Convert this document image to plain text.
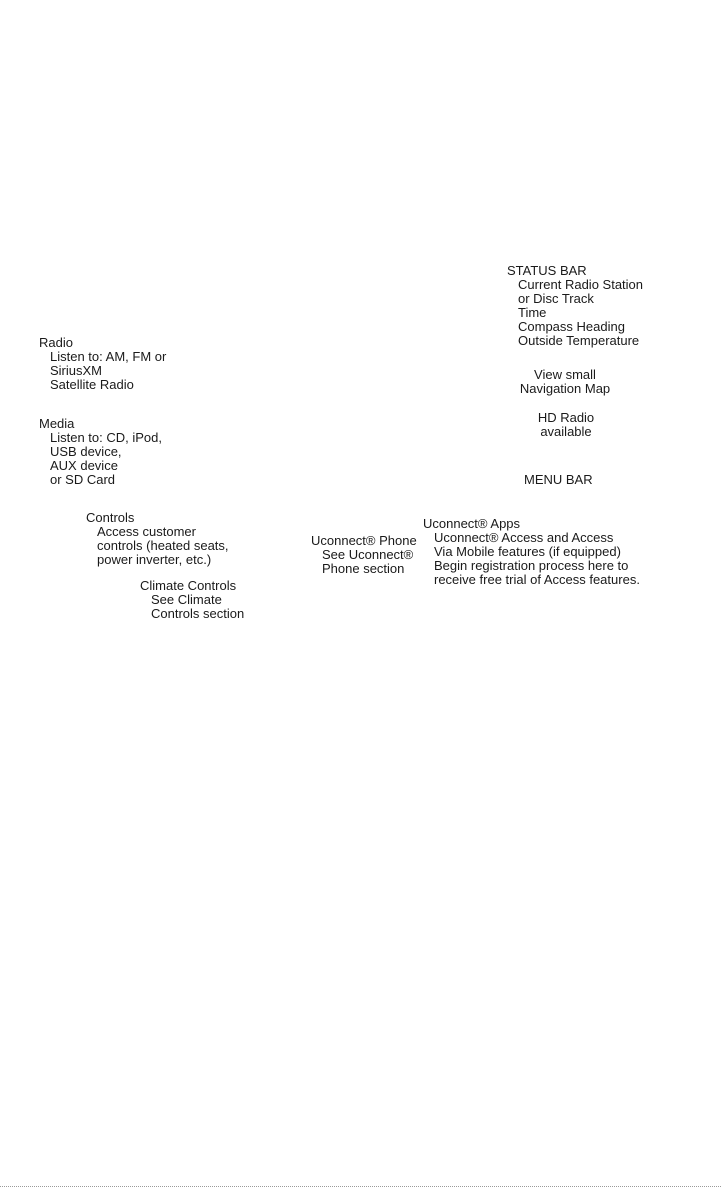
STATUS BAR
Current Radio Station
or Disc Track
Time
Compass Heading
Outside Temperature
Radio
Listen to: AM, FM or
SiriusXM
Satellite Radio
View small
Navigation Map
HD Radio
available
Media
Listen to: CD, iPod,
USB device,
AUX device
or SD Card	MENU BAR
Controls
Access customer
controls (heated seats,
power inverter, etc.)
Uconnect® Apps
Uconnect® Access and Access
Via Mobile features (if equipped)
Begin registration process here to
receive free trial of Access features.
Uconnect® Phone
See Uconnect®
Phone section
Climate Controls
See Climate
Controls section
